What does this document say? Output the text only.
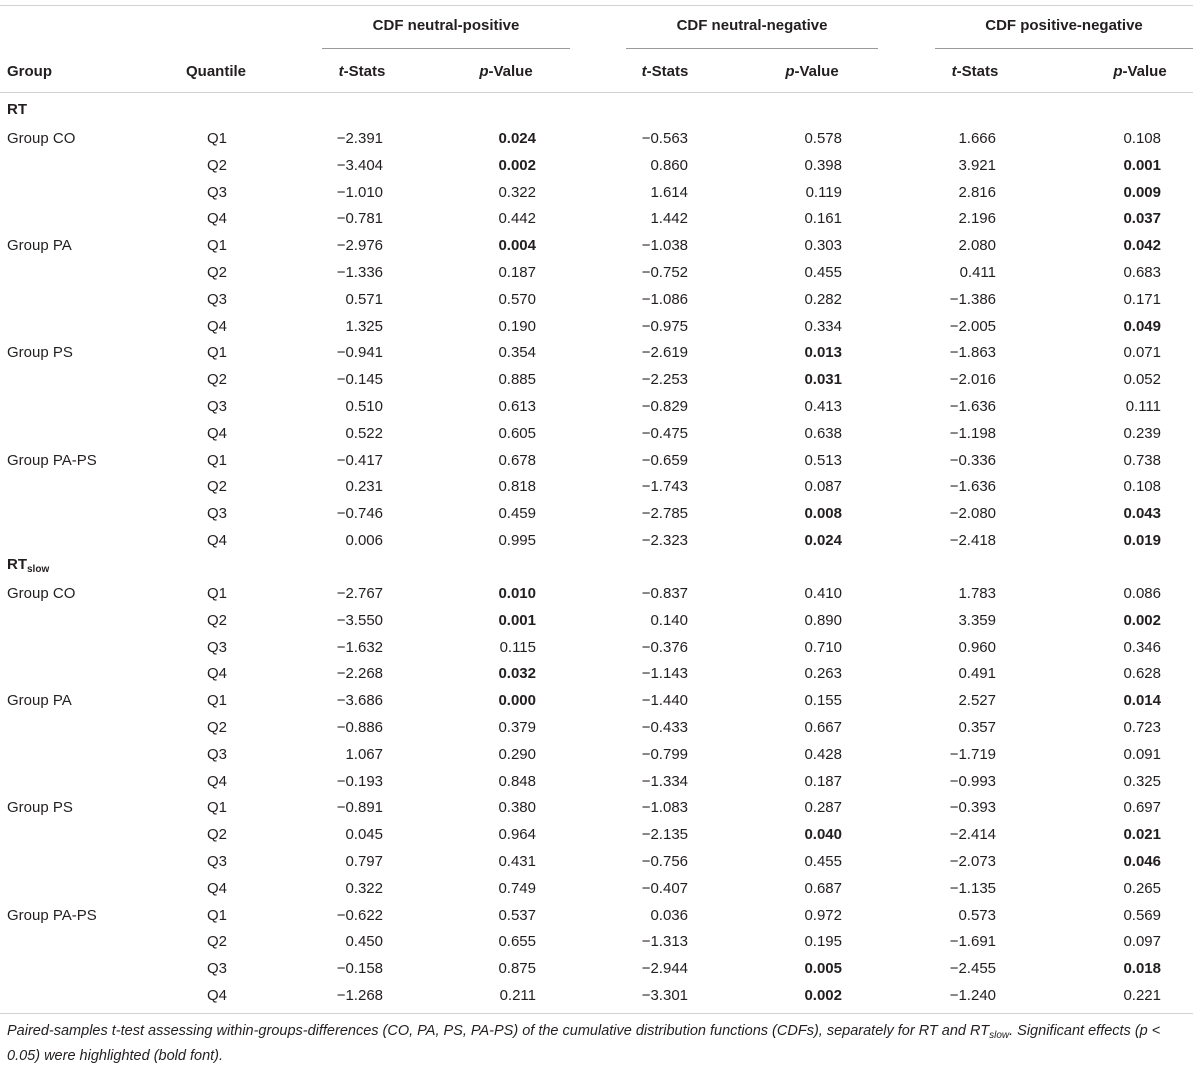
CDF neutral-positive	CDF neutral-negative	CDF positive-negative
Group	Quantile	t-Stats	p-Value	t-Stats	p-Value	t-Stats	p-Value
RT
Group CO	Q1	−2.391	0.024	−0.563	0.578	1.666	0.108
Q2	−3.404	0.002	0.860	0.398	3.921	0.001
Q3	−1.010	0.322	1.614	0.119	2.816	0.009
Q4	−0.781	0.442	1.442	0.161	2.196	0.037
Group PA	Q1	−2.976	0.004	−1.038	0.303	2.080	0.042
Q2	−1.336	0.187	−0.752	0.455	0.411	0.683
Q3	0.571	0.570	−1.086	0.282	−1.386	0.171
Q4	1.325	0.190	−0.975	0.334	−2.005	0.049
Group PS	Q1	−0.941	0.354	−2.619	0.013	−1.863	0.071
Q2	−0.145	0.885	−2.253	0.031	−2.016	0.052
Q3	0.510	0.613	−0.829	0.413	−1.636	0.111
Q4	0.522	0.605	−0.475	0.638	−1.198	0.239
Group PA-PS	Q1	−0.417	0.678	−0.659	0.513	−0.336	0.738
Q2	0.231	0.818	−1.743	0.087	−1.636	0.108
Q3	−0.746	0.459	−2.785	0.008	−2.080	0.043
Q4	0.006	0.995	−2.323	0.024	−2.418	0.019
$RT_{slow}$
Group CO	Q1	−2.767	0.010	−0.837	0.410	1.783	0.086
Q2	−3.550	0.001	0.140	0.890	3.359	0.002
Q3	−1.632	0.115	−0.376	0.710	0.960	0.346
Q4	−2.268	0.032	−1.143	0.263	0.491	0.628
Group PA	Q1	−3.686	0.000	−1.440	0.155	2.527	0.014
Q2	−0.886	0.379	−0.433	0.667	0.357	0.723
Q3	1.067	0.290	−0.799	0.428	−1.719	0.091
Q4	−0.193	0.848	−1.334	0.187	−0.993	0.325
Group PS	Q1	−0.891	0.380	−1.083	0.287	−0.393	0.697
Q2	0.045	0.964	−2.135	0.040	−2.414	0.021
Q3	0.797	0.431	−0.756	0.455	−2.073	0.046
Q4	0.322	0.749	−0.407	0.687	−1.135	0.265
Group PA-PS	Q1	−0.622	0.537	0.036	0.972	0.573	0.569
Q2	0.450	0.655	−1.313	0.195	−1.691	0.097
Q3	−0.158	0.875	−2.944	0.005	−2.455	0.018
Q4	−1.268	0.211	−3.301	0.002	−1.240	0.221
Paired-samples t-test assessing within-groups-differences (CO, PA, PS, PA-PS) of the cumulative distribution functions (CDFs), separately for RT and $RT_{slow}$. Significant effects (p < 0.05) were highlighted (bold font).
